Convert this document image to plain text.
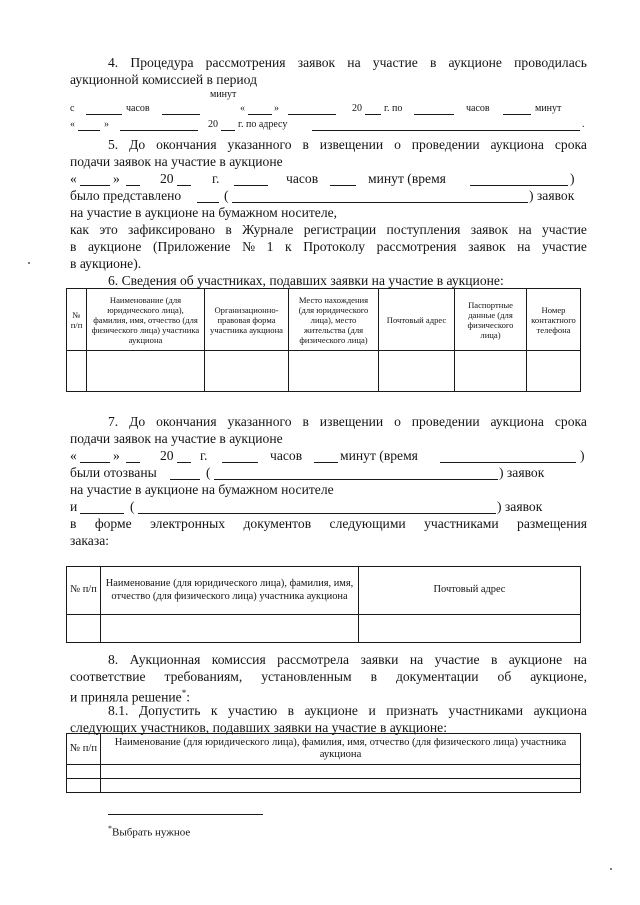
4. Процедура рассмотрения заявок на участие в аукционе проводилась
аукционной комиссией в период
минут
с	часов	«	»	20 г. по	часов	минут
«	»	20 г. по адресу	.
5. До окончания указанного в извещении о проведении аукциона срока
подачи заявок на участие в аукционе
«	»	20	г.	часов	минут (время	)
было представлено	(	) заявок
на участие в аукционе на бумажном носителе,
как это зафиксировано в Журнале регистрации поступления заявок на участие
в аукционе (Приложение № 1 к Протоколу рассмотрения заявок на участие
в аукционе).
6. Сведения об участниках, подавших заявки на участие в аукционе:
№ п/п	Наименование (для юридического лица), фамилия, имя, отчество (для физического лица) участника аукциона	Организационно-правовая форма участника аукциона	Место нахождения (для юридического лица), место жительства (для физического лица)	Почтовый адрес	Паспортные данные (для физического лица)	Номер контактного телефона

7. До окончания указанного в извещении о проведении аукциона срока
подачи заявок на участие в аукционе
«	»	20 г.	часов	минут (время	)
были отозваны	(	) заявок
на участие в аукционе на бумажном носителе
и	(	) заявок
в форме электронных документов следующими участниками размещения
заказа:
№ п/п	Наименование (для юридического лица), фамилия, имя, отчество (для физического лица) участника аукциона	Почтовый адрес

8. Аукционная комиссия рассмотрела заявки на участие в аукционе на
соответствие требованиям, установленным в документации об аукционе,
и приняла решение*:
8.1. Допустить к участию в аукционе и признать участниками аукциона
следующих участников, подавших заявки на участие в аукционе:
№ п/п	Наименование (для юридического лица), фамилия, имя, отчество (для физического лица) участника аукциона

*Выбрать нужное
